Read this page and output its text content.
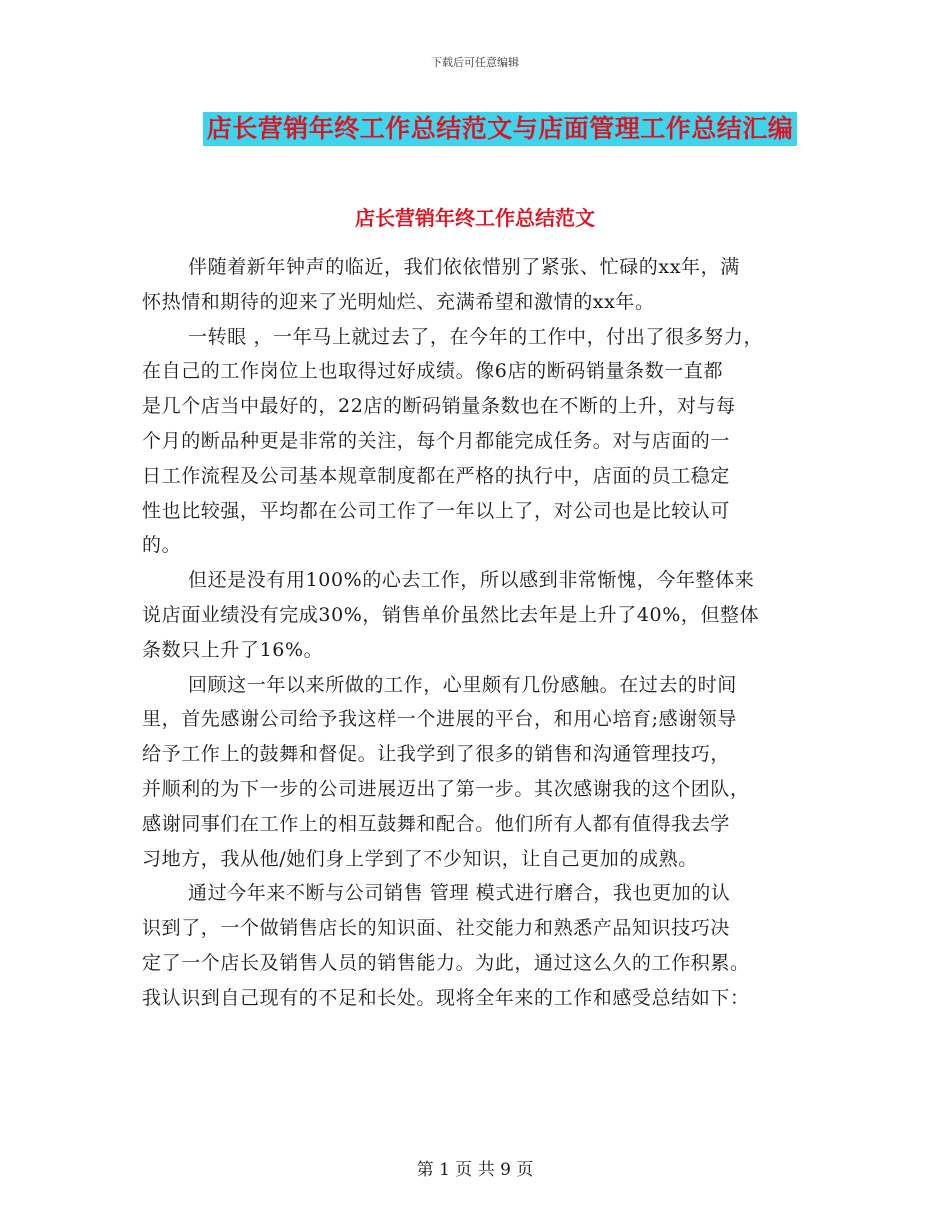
下载后可任意编辑
店长营销年终工作总结范文与店面管理工作总结汇编
店长营销年终工作总结范文
伴随着新年钟声的临近，我们依依惜别了紧张、忙碌的xx年，满
怀热情和期待的迎来了光明灿烂、充满希望和激情的xx年。
一转眼 ，一年马上就过去了，在今年的工作中，付出了很多努力，
在自己的工作岗位上也取得过好成绩。像6店的断码销量条数一直都
是几个店当中最好的，22店的断码销量条数也在不断的上升，对与每
个月的断品种更是非常的关注，每个月都能完成任务。对与店面的一
日工作流程及公司基本规章制度都在严格的执行中，店面的员工稳定
性也比较强，平均都在公司工作了一年以上了，对公司也是比较认可
的。
但还是没有用100%的心去工作，所以感到非常惭愧，今年整体来
说店面业绩没有完成30%，销售单价虽然比去年是上升了40%，但整体
条数只上升了16%。
回顾这一年以来所做的工作，心里颇有几份感触。在过去的时间
里，首先感谢公司给予我这样一个进展的平台，和用心培育;感谢领导
给予工作上的鼓舞和督促。让我学到了很多的销售和沟通管理技巧，
并顺利的为下一步的公司进展迈出了第一步。其次感谢我的这个团队，
感谢同事们在工作上的相互鼓舞和配合。他们所有人都有值得我去学
习地方，我从他/她们身上学到了不少知识，让自己更加的成熟。
通过今年来不断与公司销售 管理 模式进行磨合，我也更加的认
识到了，一个做销售店长的知识面、社交能力和熟悉产品知识技巧决
定了一个店长及销售人员的销售能力。为此，通过这么久的工作积累。
我认识到自己现有的不足和长处。现将全年来的工作和感受总结如下：
第 1 页 共 9 页
